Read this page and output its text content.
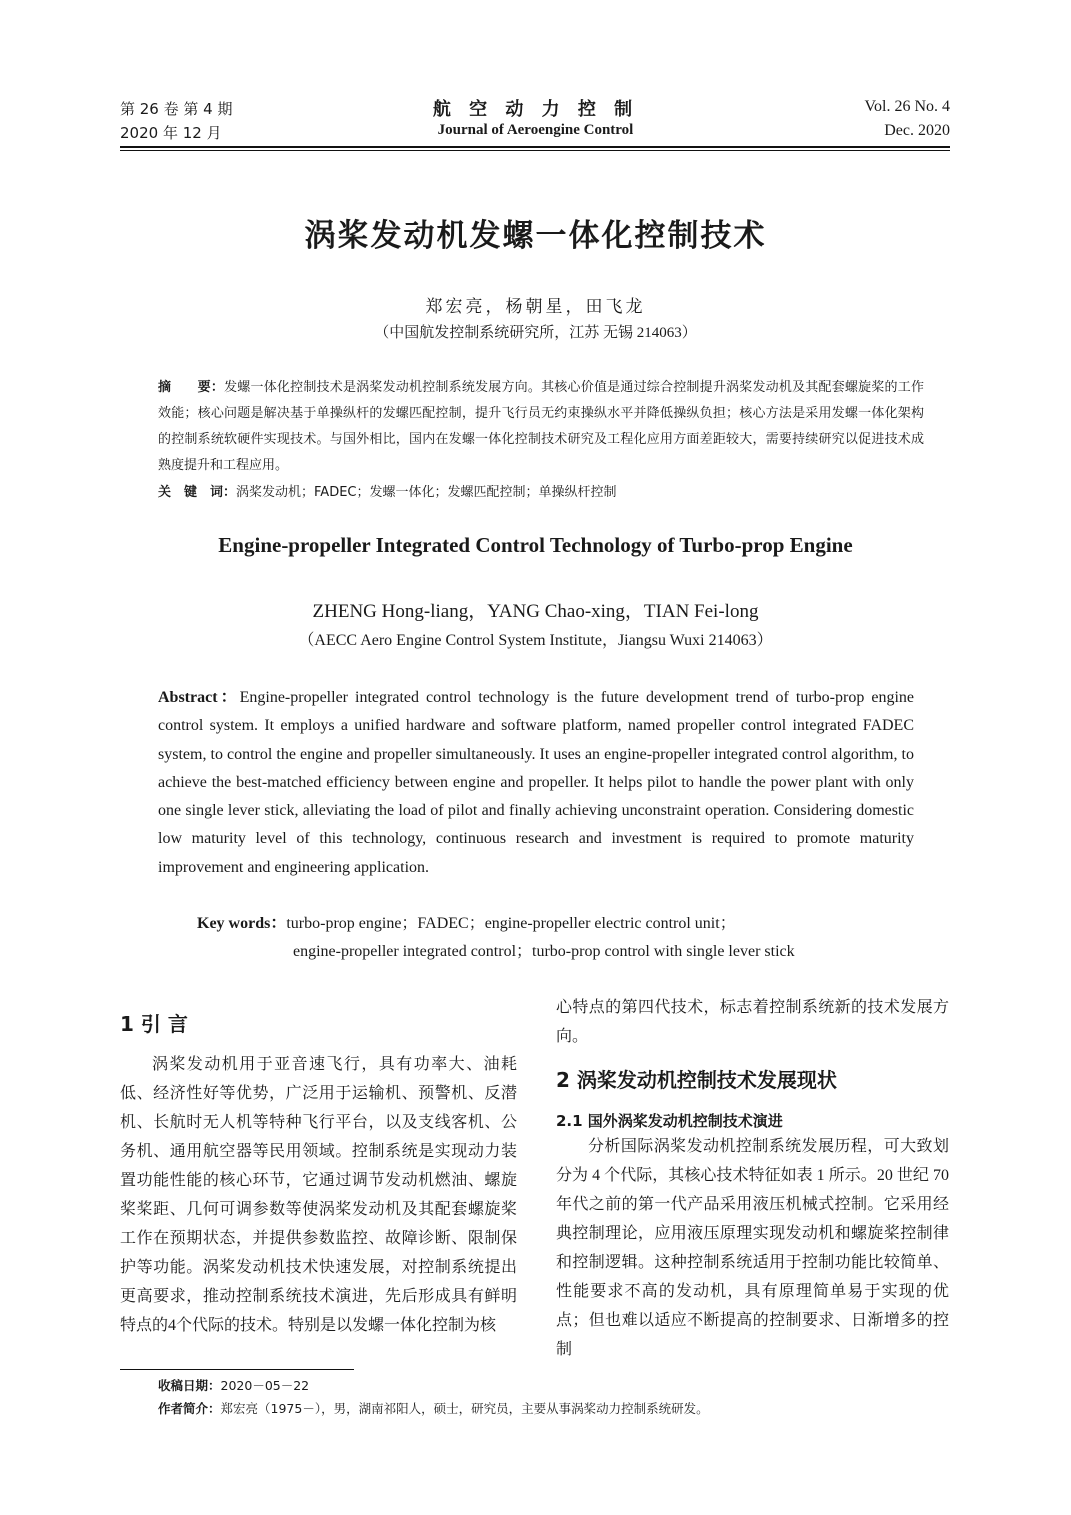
第 26 卷 第 4 期
2020 年 12 月
航 空 动 力 控 制
Journal of Aeroengine Control
Vol. 26 No. 4
Dec. 2020
涡桨发动机发螺一体化控制技术
郑宏亮，杨朝星，田飞龙
（中国航发控制系统研究所，江苏 无锡 214063）
摘　　要：发螺一体化控制技术是涡桨发动机控制系统发展方向。其核心价值是通过综合控制提升涡桨发动机及其配套螺旋桨的工作效能；核心问题是解决基于单操纵杆的发螺匹配控制，提升飞行员无约束操纵水平并降低操纵负担；核心方法是采用发螺一体化架构的控制系统软硬件实现技术。与国外相比，国内在发螺一体化控制技术研究及工程化应用方面差距较大，需要持续研究以促进技术成熟度提升和工程应用。
关　键　词：涡桨发动机；FADEC；发螺一体化；发螺匹配控制；单操纵杆控制
Engine-propeller Integrated Control Technology of Turbo-prop Engine
ZHENG Hong-liang，YANG Chao-xing，TIAN Fei-long
（AECC Aero Engine Control System Institute，Jiangsu Wuxi 214063）
Abstract：Engine-propeller integrated control technology is the future development trend of turbo-prop engine control system. It employs a unified hardware and software platform, named propeller control integrated FADEC system, to control the engine and propeller simultaneously. It uses an engine-propeller integrated control algorithm, to achieve the best-matched efficiency between engine and propeller. It helps pilot to handle the power plant with only one single lever stick, alleviating the load of pilot and finally achieving unconstraint operation. Considering domestic low maturity level of this technology, continuous research and investment is required to promote maturity improvement and engineering application.
Key words：turbo-prop engine；FADEC；engine-propeller electric control unit；
engine-propeller integrated control；turbo-prop control with single lever stick
1 引 言
涡桨发动机用于亚音速飞行，具有功率大、油耗低、经济性好等优势，广泛用于运输机、预警机、反潜机、长航时无人机等特种飞行平台，以及支线客机、公务机、通用航空器等民用领域。控制系统是实现动力装置功能性能的核心环节，它通过调节发动机燃油、螺旋桨桨距、几何可调参数等使涡桨发动机及其配套螺旋桨工作在预期状态，并提供参数监控、故障诊断、限制保护等功能。涡桨发动机技术快速发展，对控制系统提出更高要求，推动控制系统技术演进，先后形成具有鲜明特点的4个代际的技术。特别是以发螺一体化控制为核
心特点的第四代技术，标志着控制系统新的技术发展方向。
2 涡桨发动机控制技术发展现状
2.1 国外涡桨发动机控制技术演进
分析国际涡桨发动机控制系统发展历程，可大致划分为 4 个代际，其核心技术特征如表 1 所示。20 世纪 70 年代之前的第一代产品采用液压机械式控制。它采用经典控制理论，应用液压原理实现发动机和螺旋桨控制律和控制逻辑。这种控制系统适用于控制功能比较简单、性能要求不高的发动机，具有原理简单易于实现的优点；但也难以适应不断提高的控制要求、日渐增多的控制
收稿日期：2020－05－22
作者简介：郑宏亮（1975－），男，湖南祁阳人，硕士，研究员，主要从事涡桨动力控制系统研发。
